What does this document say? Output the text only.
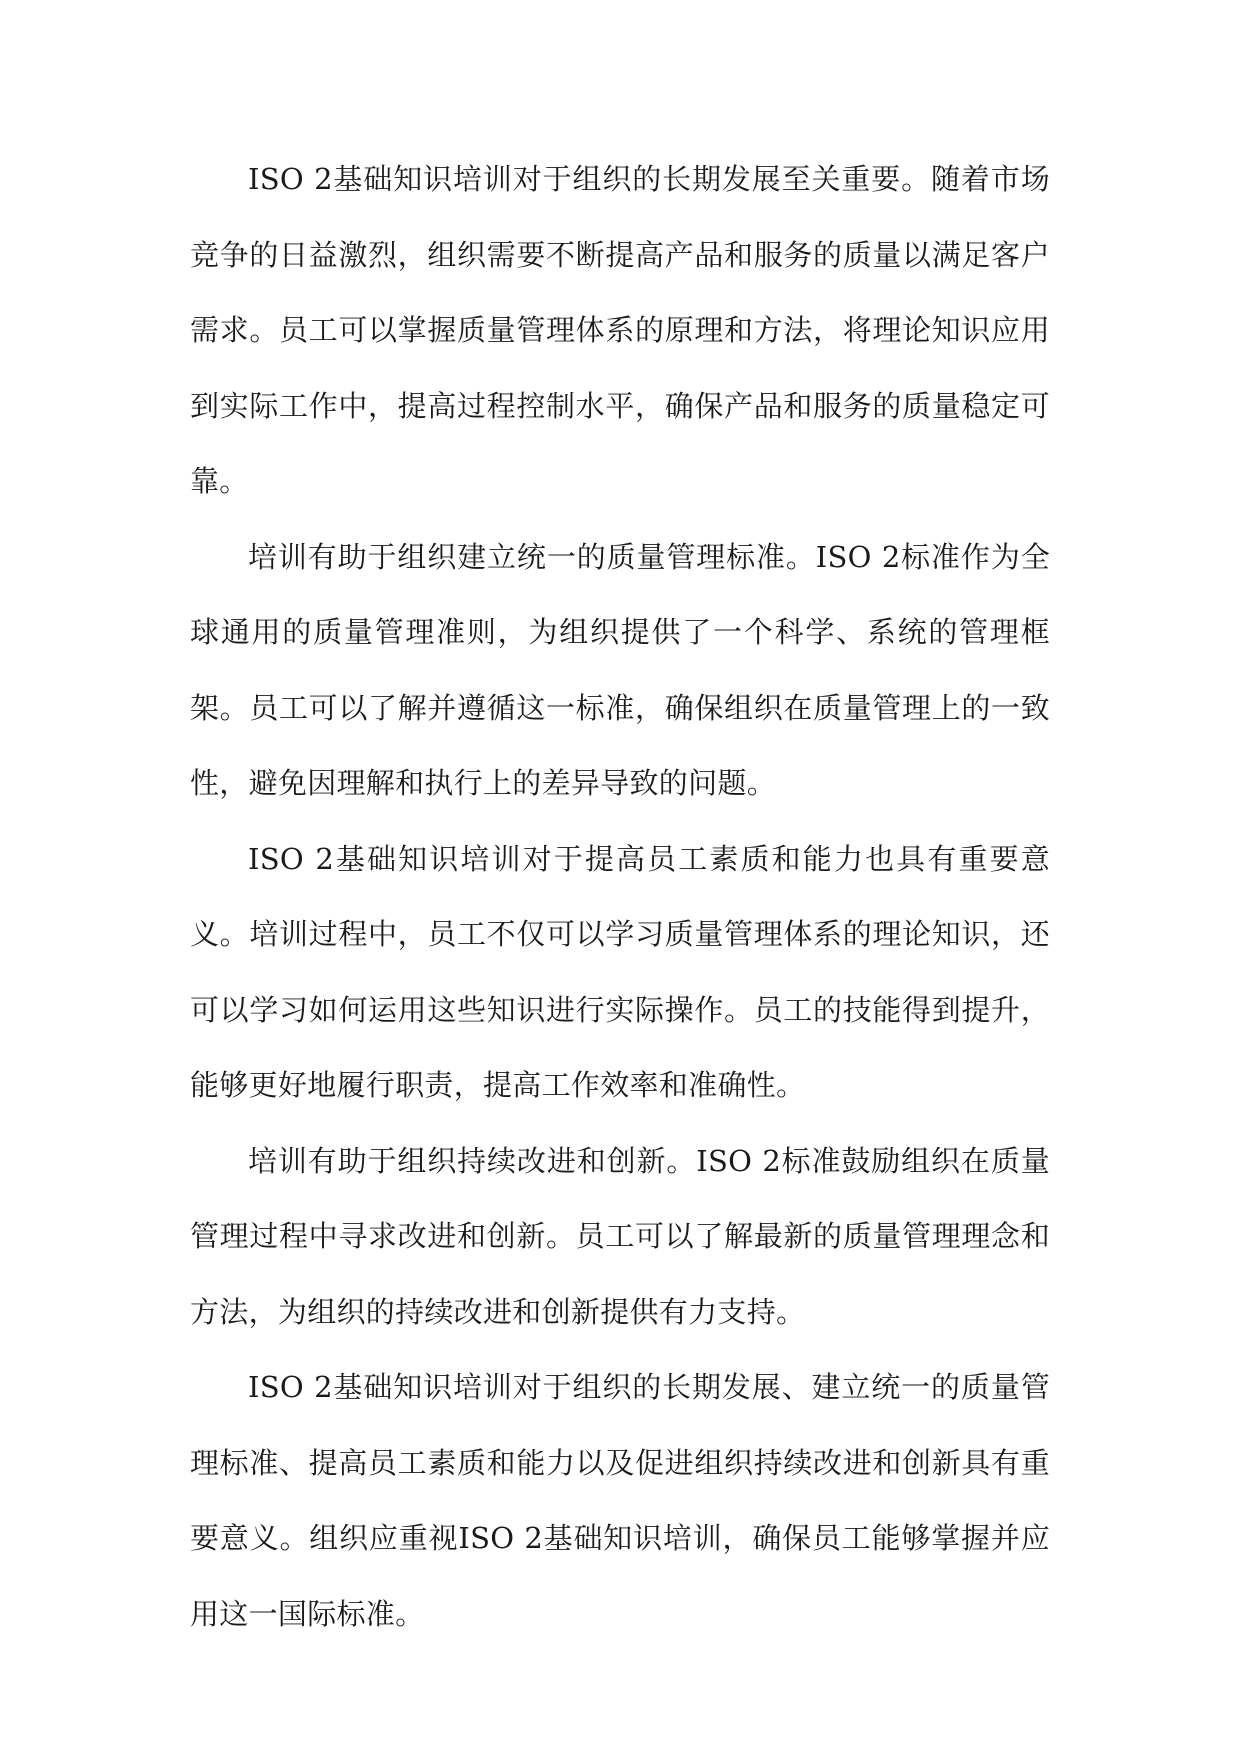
ISO 2基础知识培训对于组织的长期发展至关重要。随着市场竞争的日益激烈，组织需要不断提高产品和服务的质量以满足客户需求。员工可以掌握质量管理体系的原理和方法，将理论知识应用到实际工作中，提高过程控制水平，确保产品和服务的质量稳定可靠。

培训有助于组织建立统一的质量管理标准。ISO 2标准作为全球通用的质量管理准则，为组织提供了一个科学、系统的管理框架。员工可以了解并遵循这一标准，确保组织在质量管理上的一致性，避免因理解和执行上的差异导致的问题。

ISO 2基础知识培训对于提高员工素质和能力也具有重要意义。培训过程中，员工不仅可以学习质量管理体系的理论知识，还可以学习如何运用这些知识进行实际操作。员工的技能得到提升，能够更好地履行职责，提高工作效率和准确性。

培训有助于组织持续改进和创新。ISO 2标准鼓励组织在质量管理过程中寻求改进和创新。员工可以了解最新的质量管理理念和方法，为组织的持续改进和创新提供有力支持。

ISO 2基础知识培训对于组织的长期发展、建立统一的质量管理标准、提高员工素质和能力以及促进组织持续改进和创新具有重要意义。组织应重视ISO 2基础知识培训，确保员工能够掌握并应用这一国际标准。
